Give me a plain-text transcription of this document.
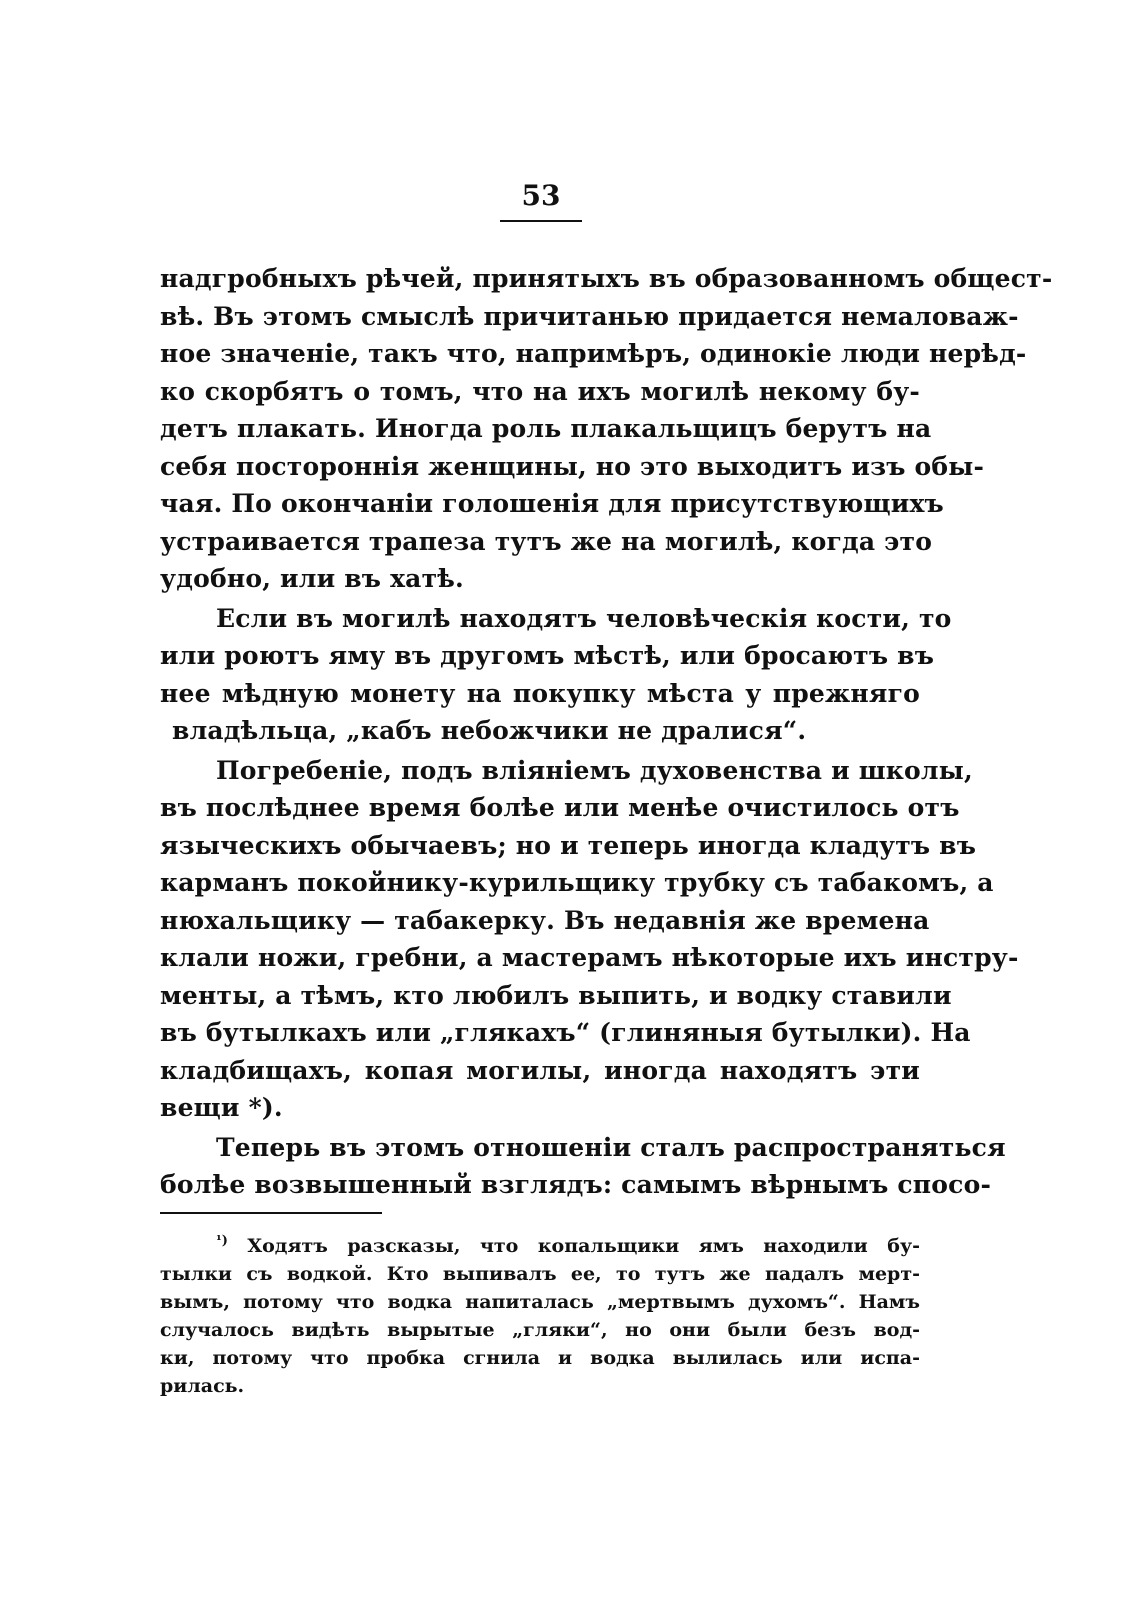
53
надгробныхъ рѣчей, принятыхъ въ образованномъ общест-
вѣ. Въ этомъ смыслѣ причитанью придается немаловаж-
ное значеніе, такъ что, напримѣръ, одинокіе люди нерѣд-
ко скорбятъ о томъ, что на ихъ могилѣ некому бу-
детъ плакать. Иногда роль плакальщицъ берутъ на
себя постороннія женщины, но это выходитъ изъ обы-
чая. По окончаніи голошенія для присутствующихъ
устраивается трапеза тутъ же на могилѣ, когда это
удобно, или въ хатѣ.
Если въ могилѣ находятъ человѣческія кости, то
или роютъ яму въ другомъ мѣстѣ, или бросаютъ въ
нее мѣдную монету на покупку мѣста у прежняго
владѣльца, „кабъ небожчики не дралися“.
Погребеніе, подъ вліяніемъ духовенства и школы,
въ послѣднее время болѣе или менѣе очистилось отъ
языческихъ обычаевъ; но и теперь иногда кладутъ въ
карманъ покойнику-курильщику трубку съ табакомъ, а
нюхальщику — табакерку. Въ недавнія же времена
клали ножи, гребни, а мастерамъ нѣкоторые ихъ инстру-
менты, а тѣмъ, кто любилъ выпить, и водку ставили
въ бутылкахъ или „глякахъ“ (глиняныя бутылки). На
кладбищахъ, копая могилы, иногда находятъ эти
вещи *).
Теперь въ этомъ отношеніи сталъ распространяться
болѣе возвышенный взглядъ: самымъ вѣрнымъ спосо-
$^{^1)}$ Ходятъ разсказы, что копальщики ямъ находили бу-
тылки съ водкой. Кто выпивалъ ее, то тутъ же падалъ мерт-
вымъ, потому что водка напиталась „мертвымъ духомъ“. Намъ
случалось видѣть вырытые „гляки“, но они были безъ вод-
ки, потому что пробка сгнила и водка вылилась или испа-
рилась.
